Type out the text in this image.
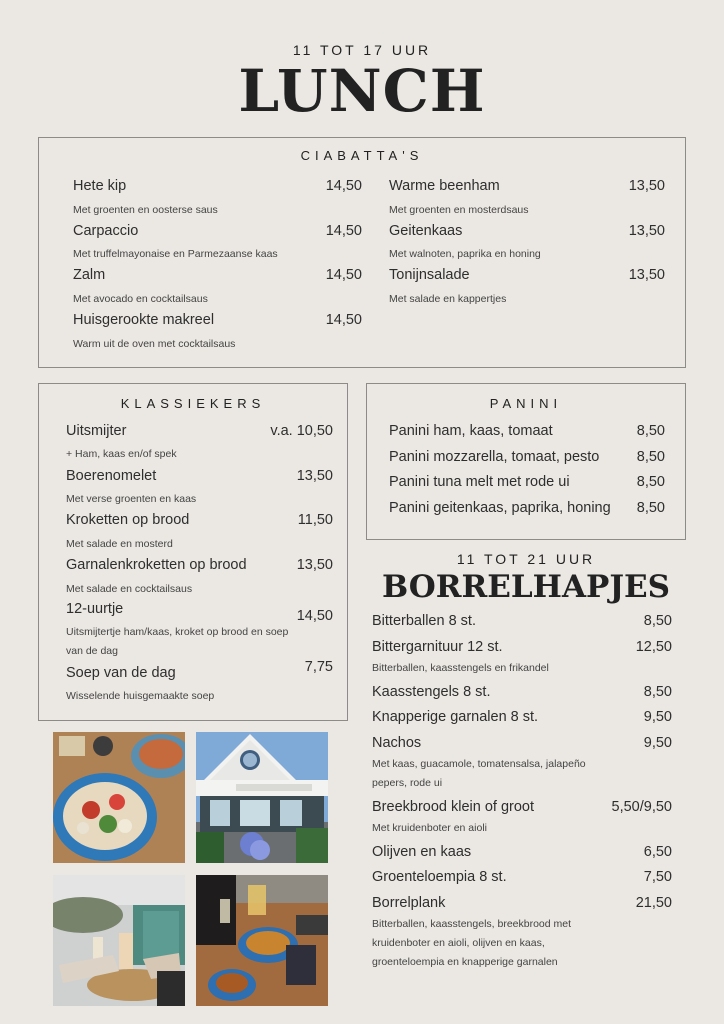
11 TOT 17 UUR
LUNCH
CIABATTA'S
Hete kip	14,50
Met groenten en oosterse saus
Carpaccio	14,50
Met truffelmayonaise en Parmezaanse kaas
Zalm	14,50
Met avocado en cocktailsaus
Huisgerookte makreel	14,50
Warm uit de oven met cocktailsaus
Warme beenham	13,50
Met groenten en mosterdsaus
Geitenkaas	13,50
Met walnoten, paprika en honing
Tonijnsalade	13,50
Met salade en kappertjes
KLASSIEKERS
Uitsmijter	v.a. 10,50
+ Ham, kaas en/of spek
Boerenomelet	13,50
Met verse groenten en kaas
Kroketten op brood	11,50
Met salade en mosterd
Garnalenkroketten op brood	13,50
Met salade en cocktailsaus
12-uurtje	14,50
Uitsmijtertje ham/kaas, kroket op brood en soep van de dag
Soep van de dag	7,75
Wisselende huisgemaakte soep
PANINI
Panini ham, kaas, tomaat	8,50
Panini mozzarella, tomaat, pesto	8,50
Panini tuna melt met rode ui	8,50
Panini geitenkaas, paprika, honing 8,50
11 TOT 21 UUR
BORRELHAPJES
Bitterballen 8 st.	8,50
Bittergarnituur 12 st.	12,50
Bitterballen, kaasstengels en frikandel
Kaasstengels 8 st.	8,50
Knapperige garnalen 8 st.	9,50
Nachos	9,50
Met kaas, guacamole, tomatensalsa, jalapeño pepers, rode ui
Breekbrood klein of groot	5,50/9,50
Met kruidenboter en aioli
Olijven en kaas	6,50
Groenteloempia 8 st.	7,50
Borrelplank	21,50
Bitterballen, kaasstengels, breekbrood met kruidenboter en aioli, olijven en kaas, groenteloempia en knapperige garnalen
